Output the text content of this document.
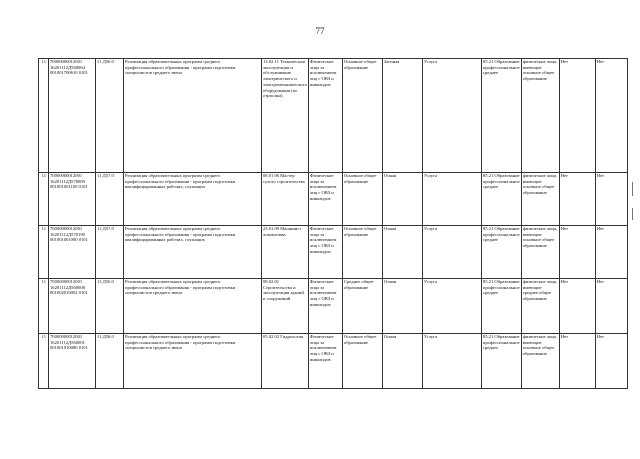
77
11	70000000012001 16201112Д560064 001001700610 0101	11.Д56.0	Реализация образовательных программ среднего профессионального образования - программ подготовки специалистов среднего звена	13.02.11 Техническая эксплуатация и обслуживание электрического и электромеханического оборудования (по отраслям)	Физические лица за исключением лиц с ОВЗ и инвалидов	Основное общее образование	Заочная	Услуга	85.21 Образование профессиональное среднее	физические лица, имеющие основное общее образование	Нет	Нет
11	70000000012001 16201112Д570009 001001001100 0101	11.Д57.0	Реализация образовательных программ среднего профессионального образования - программ подготовки квалифицированных рабочих, служащих	08.01.06 Мастер сухого строительства	Физические лица за исключением лиц с ОВЗ и инвалидов	Основное общее образование	Очная	Услуга	85.21 Образование профессиональное среднее	физические лица, имеющие основное общее образование	Нет	Нет
11	70000000012001 16201112Д570190 001001001000 0101	11.Д57.0	Реализация образовательных программ среднего профессионального образования - программ подготовки квалифицированных рабочих, служащих	23.01.09 Машинист локомотива	Физические лица за исключением лиц с ОВЗ и инвалидов	Основное общее образование	Очная	Услуга	85.21 Образование профессиональное среднее	физические лица, имеющие основное общее образование	Нет	Нет
11	70000000012001 16201112Д560008 001002010002 0101	11.Д56.0	Реализация образовательных программ среднего профессионального образования - программ подготовки специалистов среднего звена	08.02.01 Строительство и эксплуатация зданий и сооружений	Физические лица за исключением лиц с ОВЗ и инвалидов	Среднее общее образование	Очная	Услуга	85.21 Образование профессиональное среднее	физические лица, имеющие среднее общее образование	Нет	Нет
11	70000000012001 16201112Д560001 001001010080 0101	11.Д56.0	Реализация образовательных программ среднего профессионального образования - программ подготовки специалистов среднего звена	05.02.02 Гидрология	Физические лица за исключением лиц с ОВЗ и инвалидов	Основное общее образование	Очная	Услуга	85.21 Образование профессиональное среднее	физические лица, имеющие основное общее образование	Нет	Нет
